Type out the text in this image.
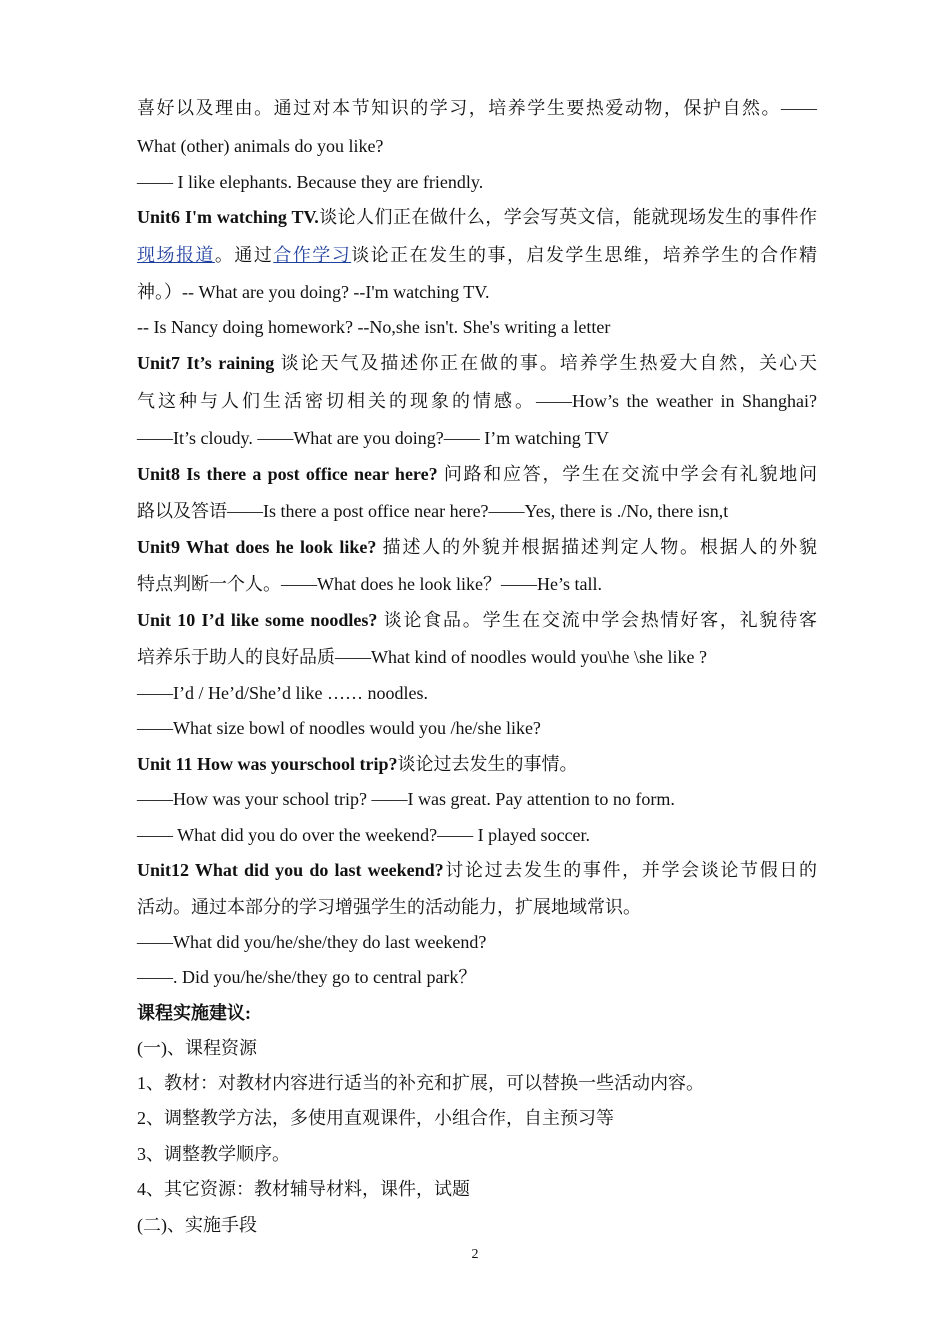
喜好以及理由。通过对本节知识的学习，培养学生要热爱动物，保护自然。——
What (other) animals do you like?
—— I like elephants. Because they are friendly.
Unit6 I'm watching TV.谈论人们正在做什么，学会写英文信，能就现场发生的事件作
现场报道。通过合作学习谈论正在发生的事，启发学生思维，培养学生的合作精
神。）-- What are you doing? --I'm watching TV.
-- Is Nancy doing homework? --No,she isn't. She's writing a letter
Unit7 It’s raining 谈论天气及描述你正在做的事。培养学生热爱大自然，关心天
气这种与人们生活密切相关的现象的情感。——How’s the weather in Shanghai?
——It’s cloudy. ——What are you doing?—— I’m watching TV
Unit8 Is there a post office near here? 问路和应答，学生在交流中学会有礼貌地问
路以及答语——Is there a post office near here?——Yes, there is ./No, there isn,t
Unit9 What does he look like? 描述人的外貌并根据描述判定人物。根据人的外貌
特点判断一个人。——What does he look like？——He’s tall.
Unit 10 I’d like some noodles? 谈论食品。学生在交流中学会热情好客，礼貌待客
培养乐于助人的良好品质——What kind of noodles would you\he \she like ?
——I’d / He’d/She’d like …… noodles.
——What size bowl of noodles would you /he/she like?
Unit 11 How was yourschool trip?谈论过去发生的事情。
——How was your school trip? ——I was great. Pay attention to no form.
—— What did you do over the weekend?—— I played soccer.
Unit12 What did you do last weekend?讨论过去发生的事件，并学会谈论节假日的
活动。通过本部分的学习增强学生的活动能力，扩展地域常识。
——What did you/he/she/they do last weekend?
——. Did you/he/she/they go to central park？
课程实施建议:
(一)、课程资源
1、教材：对教材内容进行适当的补充和扩展，可以替换一些活动内容。
2、调整教学方法，多使用直观课件，小组合作，自主预习等
3、调整教学顺序。
4、其它资源：教材辅导材料，课件，试题
(二)、实施手段
2
